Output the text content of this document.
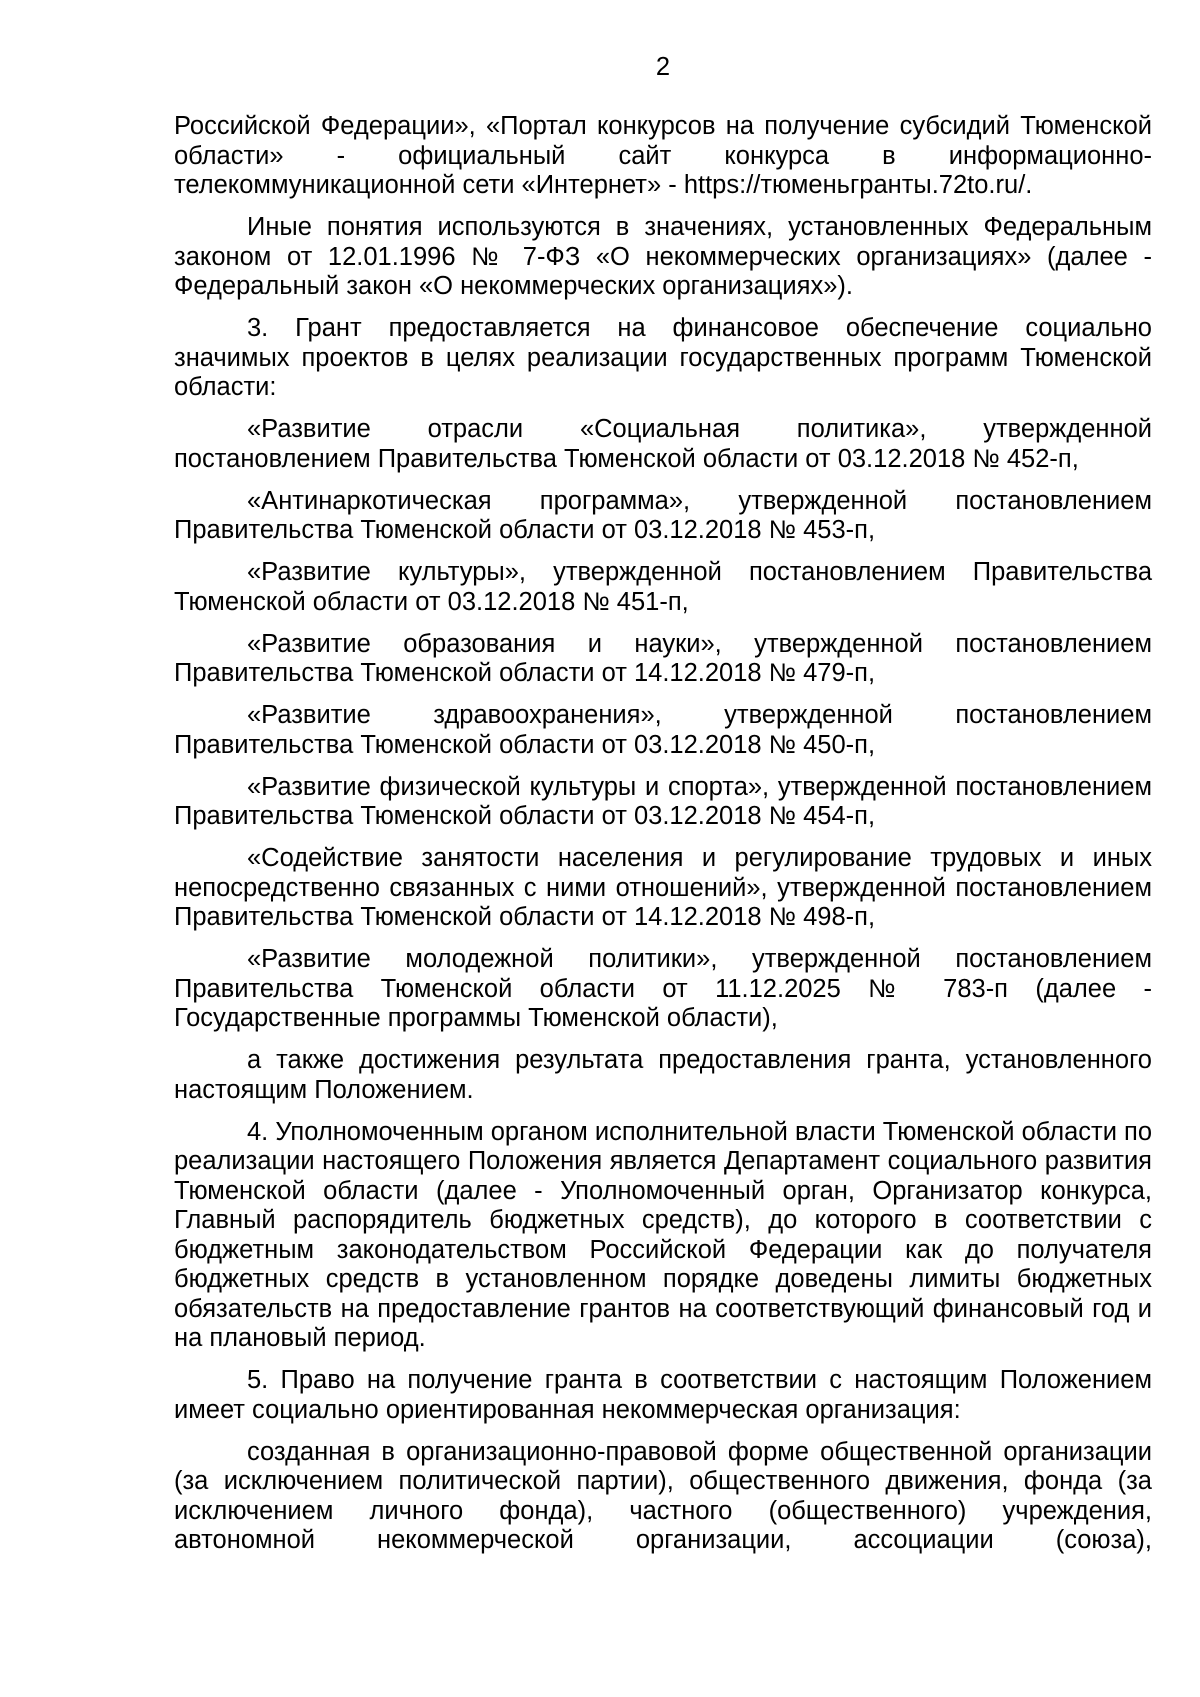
2

Российской Федерации», «Портал конкурсов на получение субсидий Тюменской области» - официальный сайт конкурса в информационно-телекоммуникационной сети «Интернет» - https://тюменьгранты.72to.ru/.

Иные понятия используются в значениях, установленных Федеральным законом от 12.01.1996 № 7-ФЗ «О некоммерческих организациях» (далее - Федеральный закон «О некоммерческих организациях»).

3. Грант предоставляется на финансовое обеспечение социально значимых проектов в целях реализации государственных программ Тюменской области:

«Развитие отрасли «Социальная политика», утвержденной постановлением Правительства Тюменской области от 03.12.2018 № 452-п,

«Антинаркотическая программа», утвержденной постановлением Правительства Тюменской области от 03.12.2018 № 453-п,

«Развитие культуры», утвержденной постановлением Правительства Тюменской области от 03.12.2018 № 451-п,

«Развитие образования и науки», утвержденной постановлением Правительства Тюменской области от 14.12.2018 № 479-п,

«Развитие здравоохранения», утвержденной постановлением Правительства Тюменской области от 03.12.2018 № 450-п,

«Развитие физической культуры и спорта», утвержденной постановлением Правительства Тюменской области от 03.12.2018 № 454-п,

«Содействие занятости населения и регулирование трудовых и иных непосредственно связанных с ними отношений», утвержденной постановлением Правительства Тюменской области от 14.12.2018 № 498-п,

«Развитие молодежной политики», утвержденной постановлением Правительства Тюменской области от 11.12.2025 № 783-п (далее - Государственные программы Тюменской области),

а также достижения результата предоставления гранта, установленного настоящим Положением.

4. Уполномоченным органом исполнительной власти Тюменской области по реализации настоящего Положения является Департамент социального развития Тюменской области (далее - Уполномоченный орган, Организатор конкурса, Главный распорядитель бюджетных средств), до которого в соответствии с бюджетным законодательством Российской Федерации как до получателя бюджетных средств в установленном порядке доведены лимиты бюджетных обязательств на предоставление грантов на соответствующий финансовый год и на плановый период.

5. Право на получение гранта в соответствии с настоящим Положением имеет социально ориентированная некоммерческая организация:

созданная в организационно-правовой форме общественной организации (за исключением политической партии), общественного движения, фонда (за исключением личного фонда), частного (общественного) учреждения, автономной некоммерческой организации, ассоциации (союза),
